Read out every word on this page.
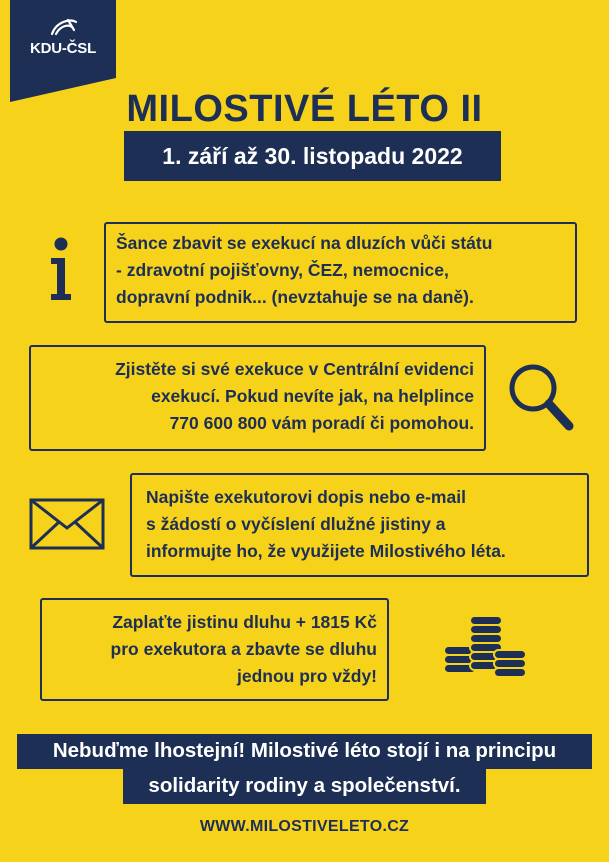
KDU-ČSL
MILOSTIVÉ LÉTO II
1. září až 30. listopadu 2022
Šance zbavit se exekucí na dluzích vůči státu
- zdravotní pojišťovny, ČEZ, nemocnice,
dopravní podnik... (nevztahuje se na daně).
Zjistěte si své exekuce v Centrální evidenci
exekucí. Pokud nevíte jak, na helplince
770 600 800 vám poradí či pomohou.
Napište exekutorovi dopis nebo e-mail
s žádostí o vyčíslení dlužné jistiny a
informujte ho, že využijete Milostivého léta.
Zaplaťte jistinu dluhu + 1815 Kč
pro exekutora a zbavte se dluhu
jednou pro vždy!
Nebuďme lhostejní! Milostivé léto stojí i na principu
solidarity rodiny a společenství.
WWW.MILOSTIVELETO.CZ
